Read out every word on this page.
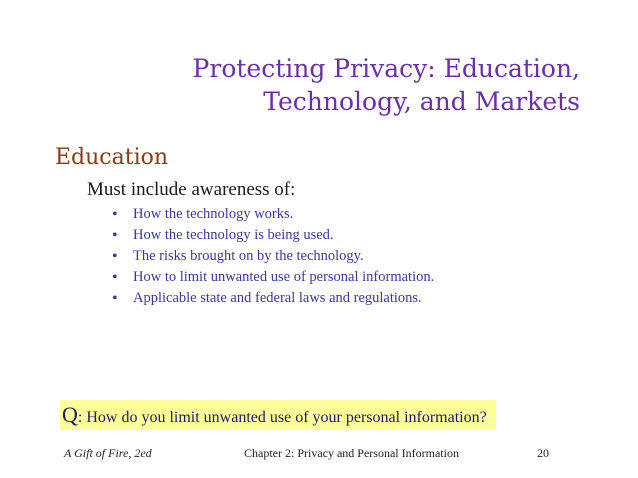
Protecting Privacy: Education,
Technology, and Markets
Education
Must include awareness of:
• How the technology works.
• How the technology is being used.
• The risks brought on by the technology.
• How to limit unwanted use of personal information.
• Applicable state and federal laws and regulations.
Q: How do you limit unwanted use of your personal information?
A Gift of Fire, 2ed	Chapter 2: Privacy and Personal Information	20
